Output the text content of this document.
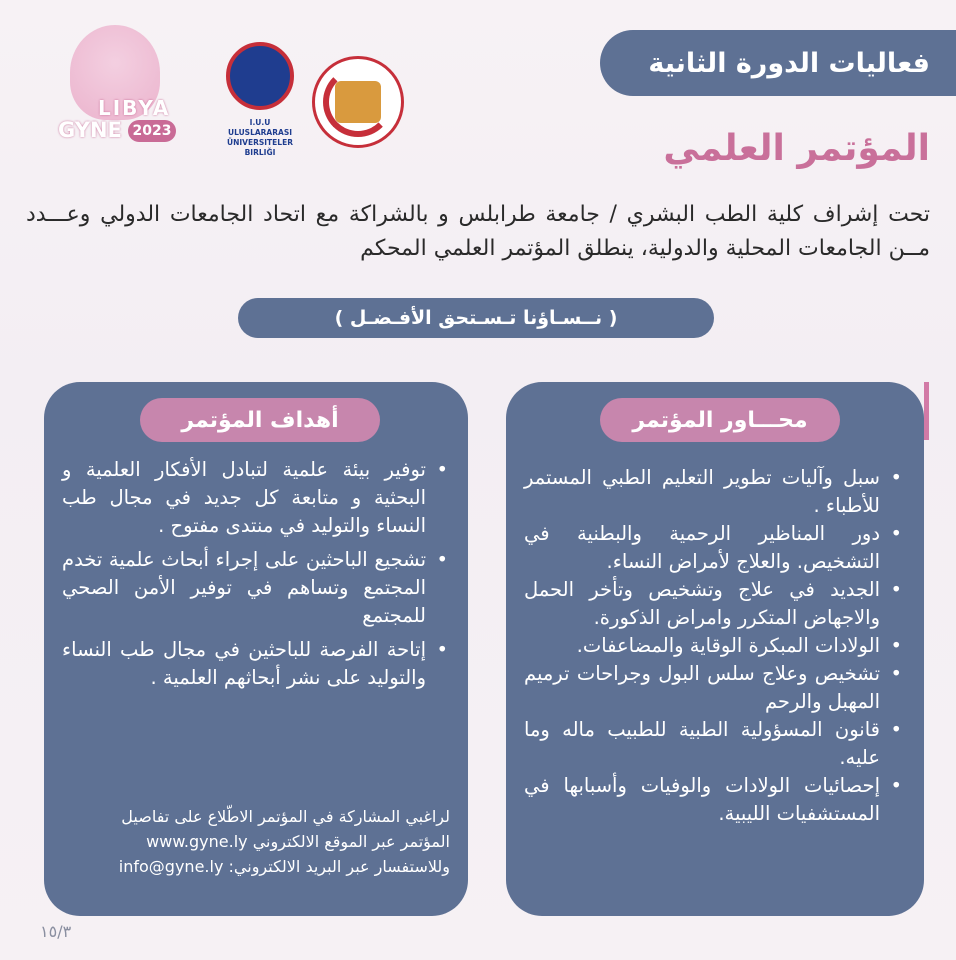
LIBYA
GYNE 2023
I.U.U
ULUSLARARASI
ÜNIVERSITELER BIRLIĞI
فعاليات الدورة الثانية
المؤتمر العلمي
تحت إشراف كلية الطب البشري / جامعة طرابلس و بالشراكة مع اتحاد الجامعات الدولي وعـــدد مــن الجامعات المحلية والدولية، ينطلق المؤتمر العلمي المحكم
( نــسـاؤنا تـسـتحق الأفـضـل )
محـــاور المؤتمر
أهداف المؤتمر
•
سبل وآليات تطوير التعليم الطبي المستمر للأطباء .
•
دور المناظير الرحمية والبطنية في التشخيص. والعلاج لأمراض النساء.
•
الجديد في علاج وتشخيص وتأخر الحمل والاجهاض المتكرر وامراض الذكورة.
•
الولادات المبكرة الوقاية والمضاعفات.
•
تشخيص وعلاج سلس البول وجراحات ترميم المهبل والرحم
•
قانون المسؤولية الطبية للطبيب ماله وما عليه.
•
إحصائيات الولادات والوفيات وأسبابها في المستشفيات الليبية.
•
توفير بيئة علمية لتبادل الأفكار العلمية و البحثية و متابعة كل جديد في مجال طب النساء والتوليد في منتدى مفتوح .
•
تشجيع الباحثين على إجراء أبحاث علمية تخدم المجتمع وتساهم في توفير الأمن الصحي للمجتمع
•
إتاحة الفرصة للباحثين في مجال طب النساء والتوليد على نشر أبحاثهم العلمية .
لراغبي المشاركة في المؤتمر الاطّلاع على تفاصيل
المؤتمر عبر الموقع الالكتروني www.gyne.ly
وللاستفسار عبر البريد الالكتروني: info@gyne.ly
١٥/٣
